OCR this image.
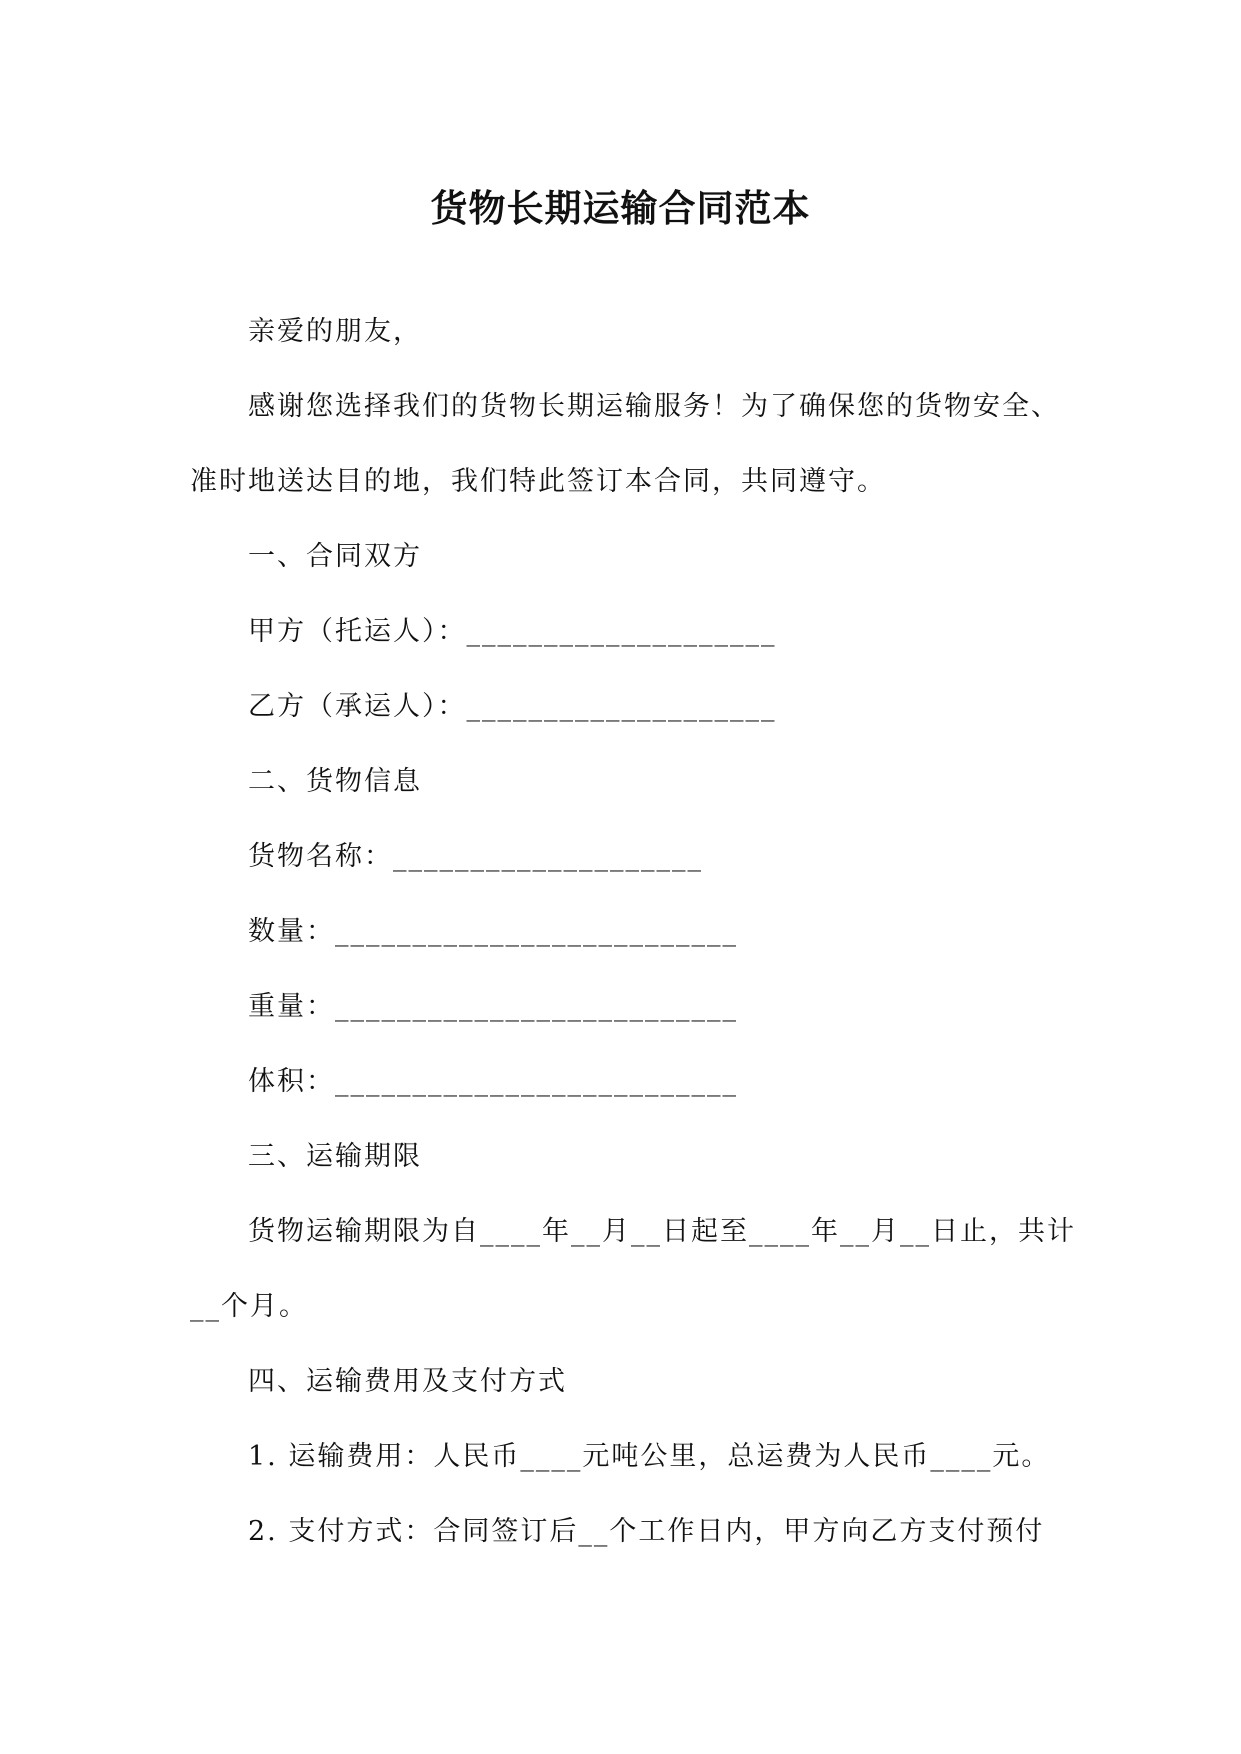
货物长期运输合同范本

亲爱的朋友，

感谢您选择我们的货物长期运输服务！为了确保您的货物安全、

准时地送达目的地，我们特此签订本合同，共同遵守。

一、合同双方

甲方（托运人）：____________________

乙方（承运人）：____________________

二、货物信息

货物名称：____________________

数量：__________________________

重量：__________________________

体积：__________________________

三、运输期限

货物运输期限为自____年__月__日起至____年__月__日止，共计

__个月。

四、运输费用及支付方式

1. 运输费用：人民币____元吨公里，总运费为人民币____元。

2. 支付方式：合同签订后__个工作日内，甲方向乙方支付预付
